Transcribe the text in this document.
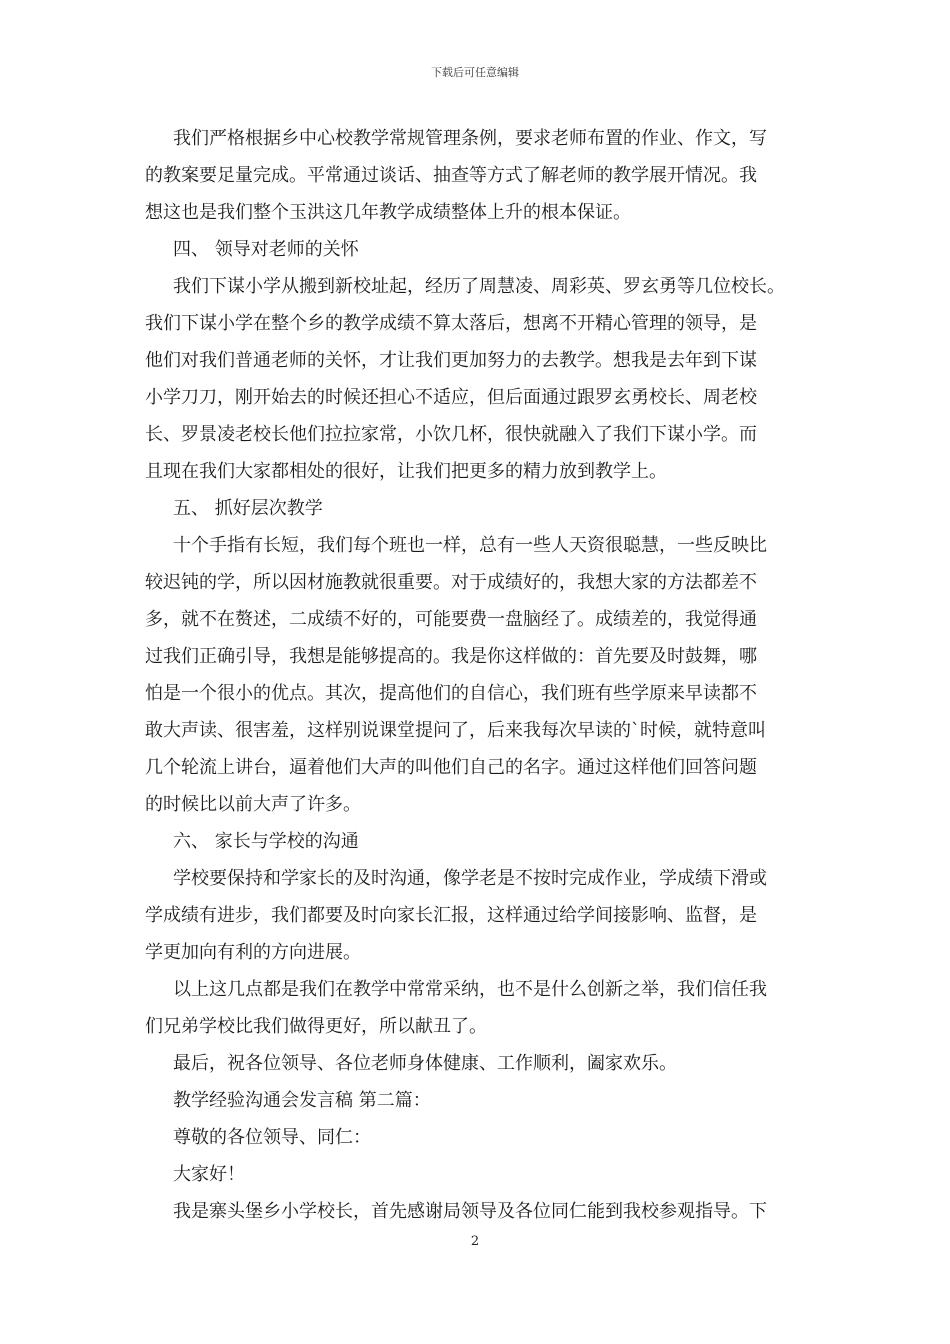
下载后可任意编辑
我们严格根据乡中心校教学常规管理条例，要求老师布置的作业、作文，写
的教案要足量完成。平常通过谈话、抽查等方式了解老师的教学展开情况。我
想这也是我们整个玉洪这几年教学成绩整体上升的根本保证。
四、 领导对老师的关怀
我们下谋小学从搬到新校址起，经历了周慧凌、周彩英、罗玄勇等几位校长。
我们下谋小学在整个乡的教学成绩不算太落后，想离不开精心管理的领导，是
他们对我们普通老师的关怀，才让我们更加努力的去教学。想我是去年到下谋
小学刀刀，刚开始去的时候还担心不适应，但后面通过跟罗玄勇校长、周老校
长、罗景凌老校长他们拉拉家常，小饮几杯，很快就融入了我们下谋小学。而
且现在我们大家都相处的很好，让我们把更多的精力放到教学上。
五、 抓好层次教学
十个手指有长短，我们每个班也一样，总有一些人天资很聪慧，一些反映比
较迟钝的学，所以因材施教就很重要。对于成绩好的，我想大家的方法都差不
多，就不在赘述，二成绩不好的，可能要费一盘脑经了。成绩差的，我觉得通
过我们正确引导，我想是能够提高的。我是你这样做的：首先要及时鼓舞，哪
怕是一个很小的优点。其次，提高他们的自信心，我们班有些学原来早读都不
敢大声读、很害羞，这样别说课堂提问了，后来我每次早读的`时候，就特意叫
几个轮流上讲台，逼着他们大声的叫他们自己的名字。通过这样他们回答问题
的时候比以前大声了许多。
六、 家长与学校的沟通
学校要保持和学家长的及时沟通，像学老是不按时完成作业，学成绩下滑或
学成绩有进步，我们都要及时向家长汇报，这样通过给学间接影响、监督，是
学更加向有利的方向进展。
以上这几点都是我们在教学中常常采纳，也不是什么创新之举，我们信任我
们兄弟学校比我们做得更好，所以献丑了。
最后，祝各位领导、各位老师身体健康、工作顺利，阖家欢乐。
教学经验沟通会发言稿 第二篇：
尊敬的各位领导、同仁：
大家好！
我是寨头堡乡小学校长，首先感谢局领导及各位同仁能到我校参观指导。下
2
